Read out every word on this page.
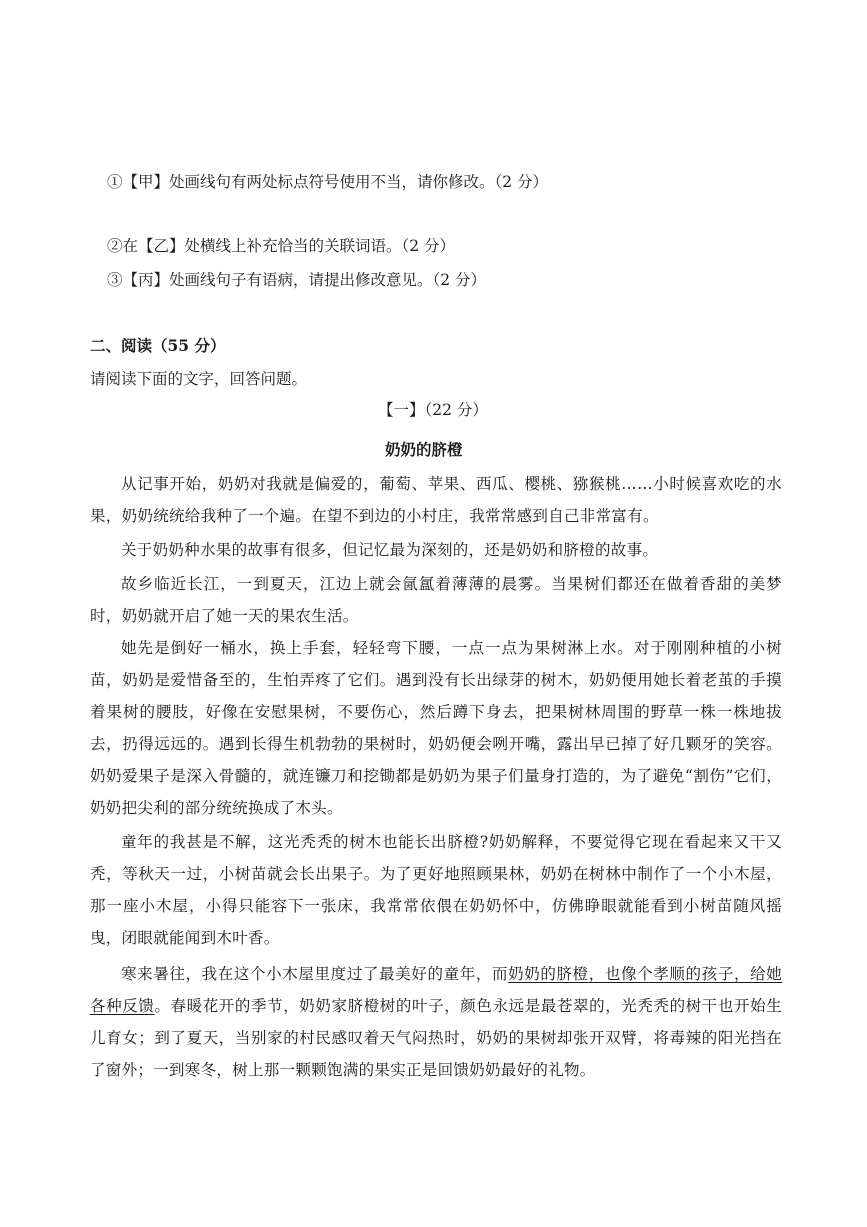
①【甲】处画线句有两处标点符号使用不当，请你修改。（2 分）
②在【乙】处横线上补充恰当的关联词语。（2 分）
③【丙】处画线句子有语病，请提出修改意见。（2 分）
二、阅读（55 分）
请阅读下面的文字，回答问题。
【一】（22 分）
奶奶的脐橙
从记事开始，奶奶对我就是偏爱的，葡萄、苹果、西瓜、樱桃、猕猴桃……小时候喜欢吃的水果，奶奶统统给我种了一个遍。在望不到边的小村庄，我常常感到自己非常富有。
关于奶奶种水果的故事有很多，但记忆最为深刻的，还是奶奶和脐橙的故事。
故乡临近长江，一到夏天，江边上就会氤氲着薄薄的晨雾。当果树们都还在做着香甜的美梦时，奶奶就开启了她一天的果农生活。
她先是倒好一桶水，换上手套，轻轻弯下腰，一点一点为果树淋上水。对于刚刚种植的小树苗，奶奶是爱惜备至的，生怕弄疼了它们。遇到没有长出绿芽的树木，奶奶便用她长着老茧的手摸着果树的腰肢，好像在安慰果树，不要伤心，然后蹲下身去，把果树林周围的野草一株一株地拔去，扔得远远的。遇到长得生机勃勃的果树时，奶奶便会咧开嘴，露出早已掉了好几颗牙的笑容。奶奶爱果子是深入骨髓的，就连镰刀和挖锄都是奶奶为果子们量身打造的，为了避免“割伤”它们，奶奶把尖利的部分统统换成了木头。
童年的我甚是不解，这光秃秃的树木也能长出脐橙?奶奶解释，不要觉得它现在看起来又干又秃，等秋天一过，小树苗就会长出果子。为了更好地照顾果林，奶奶在树林中制作了一个小木屋，那一座小木屋，小得只能容下一张床，我常常依偎在奶奶怀中，仿佛睁眼就能看到小树苗随风摇曳，闭眼就能闻到木叶香。
寒来暑往，我在这个小木屋里度过了最美好的童年，而奶奶的脐橙，也像个孝顺的孩子，给她各种反馈。春暖花开的季节，奶奶家脐橙树的叶子，颜色永远是最苍翠的，光秃秃的树干也开始生儿育女；到了夏天，当别家的村民感叹着天气闷热时，奶奶的果树却张开双臂，将毒辣的阳光挡在了窗外；一到寒冬，树上那一颗颗饱满的果实正是回馈奶奶最好的礼物。
